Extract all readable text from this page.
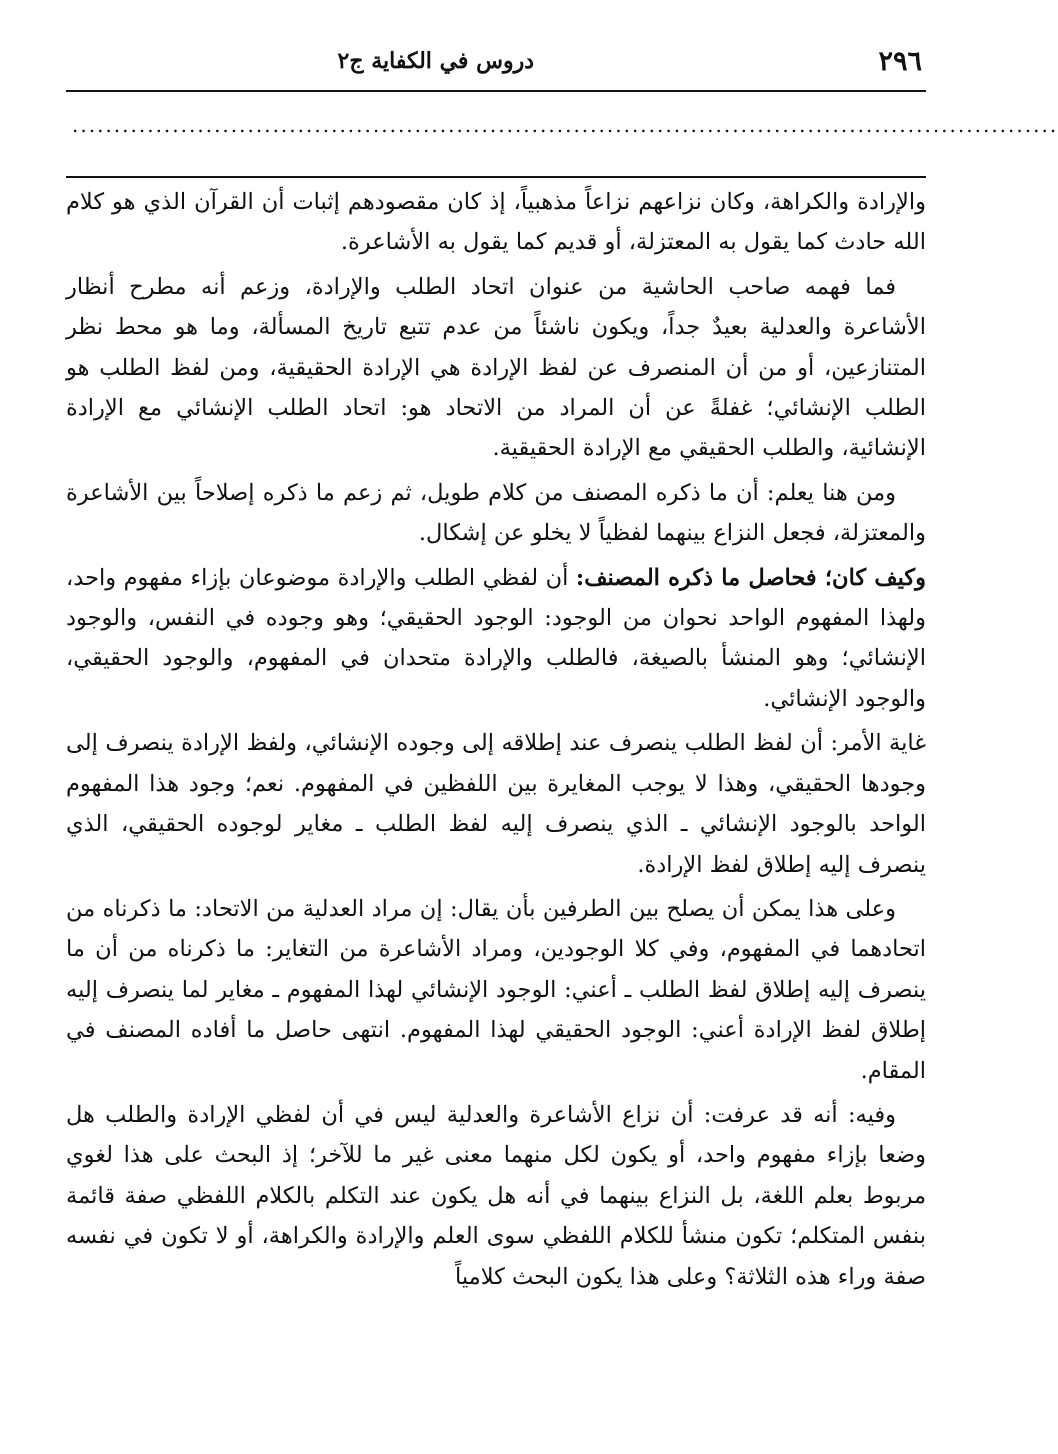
٢٩٦
دروس في الكفاية ج٢
......................................................................................................................

والإرادة والكراهة، وكان نزاعهم نزاعاً مذهبياً، إذ كان مقصودهم إثبات أن القرآن الذي هو كلام الله حادث كما يقول به المعتزلة، أو قديم كما يقول به الأشاعرة.

فما فهمه صاحب الحاشية من عنوان اتحاد الطلب والإرادة، وزعم أنه مطرح أنظار الأشاعرة والعدلية بعيدٌ جداً، ويكون ناشئاً من عدم تتبع تاريخ المسألة، وما هو محط نظر المتنازعين، أو من أن المنصرف عن لفظ الإرادة هي الإرادة الحقيقية، ومن لفظ الطلب هو الطلب الإنشائي؛ غفلةً عن أن المراد من الاتحاد هو: اتحاد الطلب الإنشائي مع الإرادة الإنشائية، والطلب الحقيقي مع الإرادة الحقيقية.

ومن هنا يعلم: أن ما ذكره المصنف من كلام طويل، ثم زعم ما ذكره إصلاحاً بين الأشاعرة والمعتزلة، فجعل النزاع بينهما لفظياً لا يخلو عن إشكال.

وكيف كان؛ فحاصل ما ذكره المصنف: أن لفظي الطلب والإرادة موضوعان بإزاء مفهوم واحد، ولهذا المفهوم الواحد نحوان من الوجود: الوجود الحقيقي؛ وهو وجوده في النفس، والوجود الإنشائي؛ وهو المنشأ بالصيغة، فالطلب والإرادة متحدان في المفهوم، والوجود الحقيقي، والوجود الإنشائي.

غاية الأمر: أن لفظ الطلب ينصرف عند إطلاقه إلى وجوده الإنشائي، ولفظ الإرادة ينصرف إلى وجودها الحقيقي، وهذا لا يوجب المغايرة بين اللفظين في المفهوم. نعم؛ وجود هذا المفهوم الواحد بالوجود الإنشائي ـ الذي ينصرف إليه لفظ الطلب ـ مغاير لوجوده الحقيقي، الذي ينصرف إليه إطلاق لفظ الإرادة.

وعلى هذا يمكن أن يصلح بين الطرفين بأن يقال: إن مراد العدلية من الاتحاد: ما ذكرناه من اتحادهما في المفهوم، وفي كلا الوجودين، ومراد الأشاعرة من التغاير: ما ذكرناه من أن ما ينصرف إليه إطلاق لفظ الطلب ـ أعني: الوجود الإنشائي لهذا المفهوم ـ مغاير لما ينصرف إليه إطلاق لفظ الإرادة أعني: الوجود الحقيقي لهذا المفهوم. انتهى حاصل ما أفاده المصنف في المقام.

وفيه: أنه قد عرفت: أن نزاع الأشاعرة والعدلية ليس في أن لفظي الإرادة والطلب هل وضعا بإزاء مفهوم واحد، أو يكون لكل منهما معنى غير ما للآخر؛ إذ البحث على هذا لغوي مربوط بعلم اللغة، بل النزاع بينهما في أنه هل يكون عند التكلم بالكلام اللفظي صفة قائمة بنفس المتكلم؛ تكون منشأ للكلام اللفظي سوى العلم والإرادة والكراهة، أو لا تكون في نفسه صفة وراء هذه الثلاثة؟ وعلى هذا يكون البحث كلامياً
